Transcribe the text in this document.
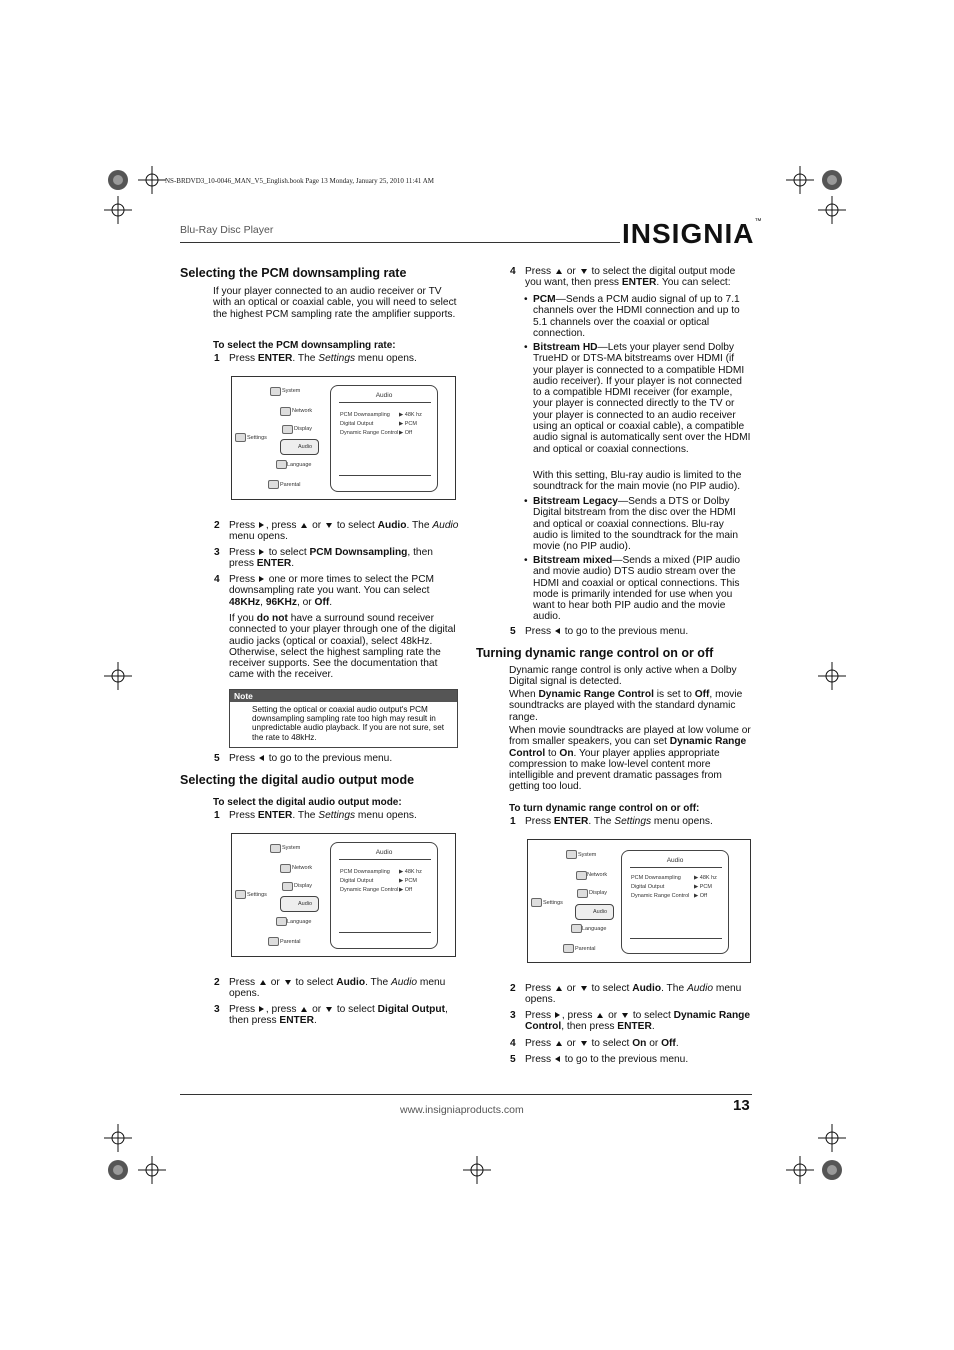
NS-BRDVD3_10-0046_MAN_V5_English.book Page 13 Monday, January 25, 2010 11:41 AM
Blu-Ray Disc Player	INSIGNIA™
Selecting the PCM downsampling rate
If your player connected to an audio receiver or TV with an optical or coaxial cable, you will need to select the highest PCM sampling rate the amplifier supports.
To select the PCM downsampling rate:
1 Press ENTER. The Settings menu opens.
Settings
System
Network
Display
Audio
Language
Parental
Audio
PCM Downsampling ▶ 48K hz
Digital Output	▶ PCM
Dynamic Range Control ▶ Off
2 Press , press  or  to select Audio. The Audio menu opens.
3 Press  to select PCM Downsampling, then press ENTER.
4 Press  one or more times to select the PCM downsampling rate you want. You can select 48KHz, 96KHz, or Off.
If you do not have a surround sound receiver connected to your player through one of the digital audio jacks (optical or coaxial), select 48kHz. Otherwise, select the highest sampling rate the receiver supports. See the documentation that came with the receiver.
Note
Setting the optical or coaxial audio output's PCM downsampling sampling rate too high may result in unpredictable audio playback. If you are not sure, set the rate to 48kHz.
5 Press  to go to the previous menu.
Selecting the digital audio output mode
To select the digital audio output mode:
1 Press ENTER. The Settings menu opens.
Settings
System
Network
Display
Audio
Language
Parental
Audio
PCM Downsampling ▶ 48K hz
Digital Output	▶ PCM
Dynamic Range Control ▶ Off
2 Press  or  to select Audio. The Audio menu opens.
3 Press , press  or  to select Digital Output, then press ENTER.
4 Press  or  to select the digital output mode you want, then press ENTER. You can select:
• PCM—Sends a PCM audio signal of up to 7.1 channels over the HDMI connection and up to 5.1 channels over the coaxial or optical connection.
• Bitstream HD—Lets your player send Dolby TrueHD or DTS-MA bitstreams over HDMI (if your player is connected to a compatible HDMI audio receiver). If your player is not connected to a compatible HDMI receiver (for example, your player is connected directly to the TV or your player is connected to an audio receiver using an optical or coaxial cable), a compatible audio signal is automatically sent over the HDMI and optical or coaxial connections.
With this setting, Blu-ray audio is limited to the soundtrack for the main movie (no PIP audio).
• Bitstream Legacy—Sends a DTS or Dolby Digital bitstream from the disc over the HDMI and optical or coaxial connections. Blu-ray audio is limited to the soundtrack for the main movie (no PIP audio).
• Bitstream mixed—Sends a mixed (PIP audio and movie audio) DTS audio stream over the HDMI and coaxial or optical connections. This mode is primarily intended for use when you want to hear both PIP audio and the movie audio.
5 Press  to go to the previous menu.
Turning dynamic range control on or off
Dynamic range control is only active when a Dolby Digital signal is detected.
When Dynamic Range Control is set to Off, movie soundtracks are played with the standard dynamic range.
When movie soundtracks are played at low volume or from smaller speakers, you can set Dynamic Range Control to On. Your player applies appropriate compression to make low-level content more intelligible and prevent dramatic passages from getting too loud.
To turn dynamic range control on or off:
1 Press ENTER. The Settings menu opens.
Settings
System
Network
Display
Audio
Language
Parental
Audio
PCM Downsampling ▶ 48K hz
Digital Output	▶ PCM
Dynamic Range Control ▶ Off
2 Press  or  to select Audio. The Audio menu opens.
3 Press , press  or  to select Dynamic Range Control, then press ENTER.
4 Press  or  to select On or Off.
5 Press  to go to the previous menu.
www.insigniaproducts.com	13
